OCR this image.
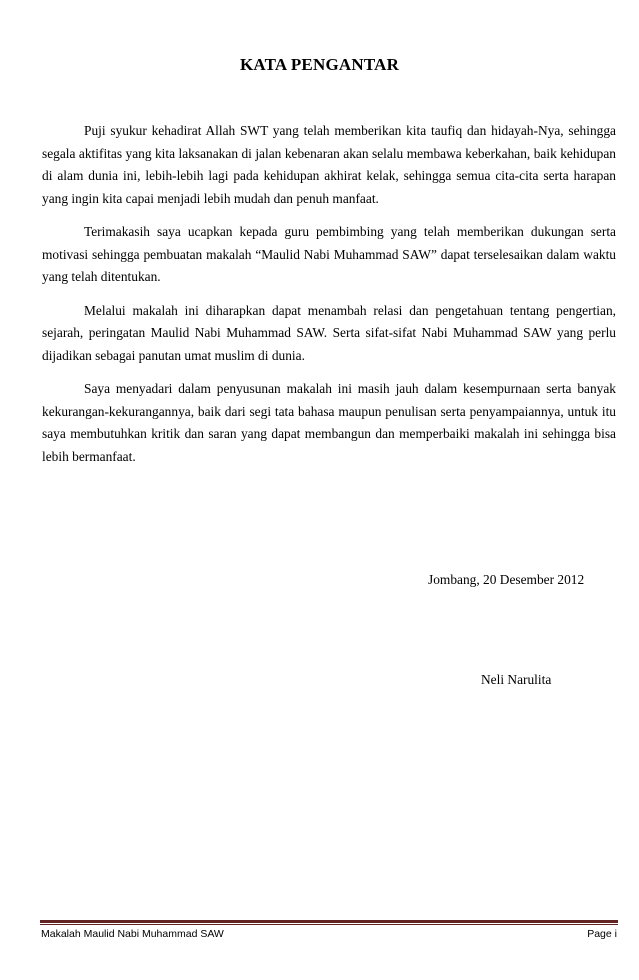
KATA PENGANTAR

Puji syukur kehadirat Allah SWT yang telah memberikan kita taufiq dan hidayah-Nya, sehingga segala aktifitas yang kita laksanakan di jalan kebenaran akan selalu membawa keberkahan, baik kehidupan di alam dunia ini, lebih-lebih lagi pada kehidupan akhirat kelak, sehingga semua cita-cita serta harapan yang ingin kita capai menjadi lebih mudah dan penuh manfaat.

Terimakasih saya ucapkan kepada guru pembimbing yang telah memberikan dukungan serta motivasi sehingga pembuatan makalah “Maulid Nabi Muhammad SAW” dapat terselesaikan dalam waktu yang telah ditentukan.

Melalui makalah ini diharapkan dapat menambah relasi dan pengetahuan tentang pengertian, sejarah, peringatan Maulid Nabi Muhammad SAW. Serta sifat-sifat Nabi Muhammad SAW yang perlu dijadikan sebagai panutan umat muslim di dunia.

Saya menyadari dalam penyusunan makalah ini masih jauh dalam kesempurnaan serta banyak kekurangan-kekurangannya, baik dari segi tata bahasa maupun penulisan serta penyampaiannya, untuk itu saya membutuhkan kritik dan saran yang dapat membangun dan memperbaiki makalah ini sehingga bisa lebih bermanfaat.

Jombang, 20 Desember 2012
Neli Narulita
Makalah Maulid Nabi Muhammad SAW	Page i
